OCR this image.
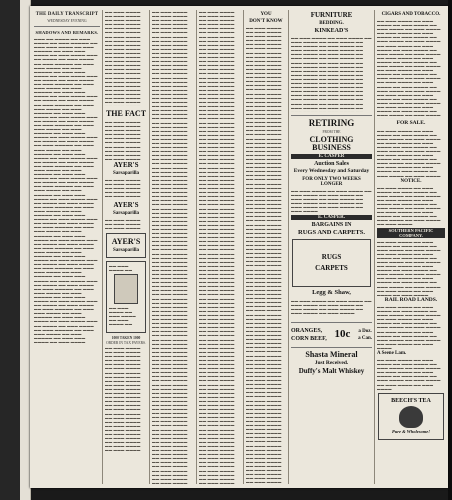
THE DAILY TRANSCRIPT
WEDNESDAY EVENING
SHADOWS AND REMARKS.
▬▬▬ ▬▬ ▬▬▬▬ ▬▬ ▬▬▬ ▬▬▬▬ ▬▬ ▬▬▬ ▬▬▬▬▬ ▬▬ ▬▬▬ ▬▬▬ ▬▬▬▬ ▬▬ ▬▬▬ ▬▬▬▬▬ ▬▬ ▬▬▬ ▬▬▬ ▬▬▬▬ ▬▬ ▬▬▬ ▬▬▬▬ ▬▬▬ ▬▬ ▬▬▬▬ ▬▬ ▬▬▬ ▬▬▬▬ ▬▬ ▬▬▬ ▬▬▬▬▬ ▬▬ ▬▬▬ ▬▬▬ ▬▬▬▬ ▬▬ ▬▬▬ ▬▬▬▬▬ ▬▬ ▬▬▬ ▬▬▬ ▬▬▬▬ ▬▬ ▬▬▬ ▬▬▬▬ ▬▬▬ ▬▬ ▬▬▬▬ ▬▬ ▬▬▬ ▬▬▬▬ ▬▬ ▬▬▬ ▬▬▬▬▬ ▬▬ ▬▬▬ ▬▬▬ ▬▬▬▬ ▬▬ ▬▬▬ ▬▬▬▬▬ ▬▬ ▬▬▬ ▬▬▬ ▬▬▬▬ ▬▬ ▬▬▬ ▬▬▬▬ ▬▬▬ ▬▬ ▬▬▬▬ ▬▬ ▬▬▬ ▬▬▬▬ ▬▬ ▬▬▬ ▬▬▬▬▬ ▬▬ ▬▬▬ ▬▬▬ ▬▬▬▬ ▬▬ ▬▬▬ ▬▬▬▬▬ ▬▬ ▬▬▬ ▬▬▬ ▬▬▬▬ ▬▬ ▬▬▬ ▬▬▬▬ ▬▬▬ ▬▬ ▬▬▬▬ ▬▬ ▬▬▬ ▬▬▬▬ ▬▬ ▬▬▬ ▬▬▬▬▬ ▬▬ ▬▬▬ ▬▬▬ ▬▬▬▬ ▬▬ ▬▬▬ ▬▬▬▬▬ ▬▬ ▬▬▬ ▬▬▬ ▬▬▬▬ ▬▬ ▬▬▬ ▬▬▬▬ ▬▬▬ ▬▬ ▬▬▬▬ ▬▬ ▬▬▬ ▬▬▬▬ ▬▬ ▬▬▬ ▬▬▬▬▬ ▬▬ ▬▬▬ ▬▬▬ ▬▬▬▬ ▬▬ ▬▬▬ ▬▬▬▬▬ ▬▬ ▬▬▬ ▬▬▬ ▬▬▬▬ ▬▬ ▬▬▬ ▬▬▬▬ ▬▬▬ ▬▬ ▬▬▬▬ ▬▬ ▬▬▬ ▬▬▬▬ ▬▬ ▬▬▬ ▬▬▬▬▬ ▬▬ ▬▬▬ ▬▬▬ ▬▬▬▬ ▬▬ ▬▬▬ ▬▬▬▬▬ ▬▬ ▬▬▬ ▬▬▬ ▬▬▬▬ ▬▬ ▬▬▬ ▬▬▬▬ ▬▬▬ ▬▬ ▬▬▬▬ ▬▬ ▬▬▬ ▬▬▬▬ ▬▬ ▬▬▬ ▬▬▬▬▬ ▬▬ ▬▬▬ ▬▬▬ ▬▬▬▬ ▬▬ ▬▬▬ ▬▬▬▬▬ ▬▬ ▬▬▬ ▬▬▬ ▬▬▬▬ ▬▬ ▬▬▬ ▬▬▬▬ ▬▬▬ ▬▬ ▬▬▬▬ ▬▬ ▬▬▬ ▬▬▬▬ ▬▬ ▬▬▬ ▬▬▬▬▬ ▬▬ ▬▬▬ ▬▬▬ ▬▬▬▬ ▬▬ ▬▬▬ ▬▬▬▬▬ ▬▬ ▬▬▬ ▬▬▬ ▬▬▬▬ ▬▬ ▬▬▬ ▬▬▬▬ ▬▬▬ ▬▬ ▬▬▬▬ ▬▬ ▬▬▬ ▬▬▬▬ ▬▬ ▬▬▬ ▬▬▬▬▬ ▬▬ ▬▬▬ ▬▬▬ ▬▬▬▬ ▬▬ ▬▬▬ ▬▬▬▬▬ ▬▬ ▬▬▬ ▬▬▬ ▬▬▬▬ ▬▬ ▬▬▬ ▬▬▬▬ ▬▬▬ ▬▬ ▬▬▬▬ ▬▬ ▬▬▬ ▬▬▬▬ ▬▬ ▬▬▬ ▬▬▬▬▬ ▬▬ ▬▬▬ ▬▬▬ ▬▬▬▬ ▬▬ ▬▬▬ ▬▬▬▬▬ ▬▬ ▬▬▬ ▬▬▬ ▬▬▬▬ ▬▬ ▬▬▬ ▬▬▬▬ ▬▬▬ ▬▬ ▬▬▬▬ ▬▬ ▬▬▬ ▬▬▬▬ ▬▬ ▬▬▬ ▬▬▬▬▬ ▬▬ ▬▬▬ ▬▬▬ ▬▬▬▬ ▬▬ ▬▬▬ ▬▬▬▬▬ ▬▬ ▬▬▬ ▬▬▬ ▬▬▬▬ ▬▬ ▬▬▬ ▬▬▬▬ ▬▬▬ ▬▬ ▬▬▬▬ ▬▬ ▬▬▬ ▬▬▬▬ ▬▬ ▬▬▬ ▬▬▬▬▬ ▬▬ ▬▬▬ ▬▬▬ ▬▬▬▬ ▬▬ ▬▬▬ ▬▬▬▬▬ ▬▬ ▬▬▬ ▬▬▬ ▬▬▬▬ ▬▬ ▬▬▬ ▬▬▬▬ ▬▬▬ ▬▬ ▬▬▬▬ ▬▬ ▬▬▬ ▬▬▬▬ ▬▬ ▬▬▬ ▬▬▬▬▬ ▬▬ ▬▬▬ ▬▬▬ ▬▬▬▬ ▬▬ ▬▬▬ ▬▬▬▬▬ ▬▬ ▬▬▬ ▬▬▬ ▬▬▬▬ ▬▬ ▬▬▬ ▬▬▬▬ ▬▬▬ ▬▬ ▬▬▬▬ ▬▬ ▬▬▬ ▬▬▬▬ ▬▬ ▬▬▬ ▬▬▬▬▬ ▬▬ ▬▬▬ ▬▬▬ ▬▬▬▬ ▬▬ ▬▬▬ ▬▬▬▬▬ ▬▬ ▬▬▬ ▬▬▬ ▬▬▬▬ ▬▬ ▬▬▬ ▬▬▬▬
▬▬ ▬▬▬ ▬▬▬▬ ▬▬ ▬▬▬ ▬▬▬▬ ▬▬ ▬▬▬ ▬▬▬▬ ▬▬ ▬▬▬ ▬▬▬▬ ▬▬ ▬▬▬ ▬▬▬▬ ▬▬ ▬▬▬ ▬▬▬▬ ▬▬ ▬▬▬ ▬▬▬▬ ▬▬ ▬▬▬ ▬▬▬▬ ▬▬ ▬▬▬ ▬▬▬▬ ▬▬ ▬▬▬ ▬▬▬▬ ▬▬ ▬▬▬ ▬▬▬▬ ▬▬ ▬▬▬ ▬▬▬▬ ▬▬ ▬▬▬ ▬▬▬▬ ▬▬ ▬▬▬ ▬▬▬▬ ▬▬ ▬▬▬ ▬▬▬▬ ▬▬ ▬▬▬ ▬▬▬▬ ▬▬ ▬▬▬ ▬▬▬▬ ▬▬ ▬▬▬ ▬▬▬▬ ▬▬ ▬▬▬ ▬▬▬▬ ▬▬ ▬▬▬ ▬▬▬▬ ▬▬ ▬▬▬ ▬▬▬▬ ▬▬ ▬▬▬ ▬▬▬▬ ▬▬ ▬▬▬ ▬▬▬▬
THE FACT
▬▬ ▬▬▬ ▬▬▬▬ ▬▬ ▬▬▬ ▬▬▬▬ ▬▬ ▬▬▬ ▬▬▬▬ ▬▬ ▬▬▬ ▬▬▬▬ ▬▬ ▬▬▬ ▬▬▬▬ ▬▬ ▬▬▬ ▬▬▬▬ ▬▬ ▬▬▬ ▬▬▬▬ ▬▬ ▬▬▬ ▬▬▬▬ ▬▬ ▬▬▬ ▬▬▬▬ ▬▬ ▬▬▬ ▬▬▬▬
AYER'S
Sarsaparilla
▬▬ ▬▬▬ ▬▬▬▬ ▬▬ ▬▬▬ ▬▬▬▬ ▬▬ ▬▬▬ ▬▬▬▬ ▬▬ ▬▬▬ ▬▬▬▬ ▬▬ ▬▬▬ ▬▬▬▬
AYER'S
Sarsaparilla
▬▬ ▬▬▬ ▬▬▬▬ ▬▬ ▬▬▬ ▬▬▬▬ ▬▬ ▬▬▬ ▬▬▬▬
AYER'S
Sarsaparilla
▬▬ ▬▬▬ ▬▬▬▬ ▬▬
▬▬ ▬▬▬ ▬▬▬▬ ▬▬ ▬▬▬ ▬▬▬▬ ▬▬ ▬▬▬ ▬▬▬▬ ▬▬
1000 TAKEN 1000
ORDER IN TAX PAYERS.
▬▬ ▬▬▬ ▬▬▬▬ ▬▬ ▬▬▬ ▬▬▬▬ ▬▬ ▬▬▬ ▬▬▬▬ ▬▬ ▬▬▬ ▬▬▬▬ ▬▬ ▬▬▬ ▬▬▬▬ ▬▬ ▬▬▬ ▬▬▬▬ ▬▬ ▬▬▬ ▬▬▬▬ ▬▬ ▬▬▬ ▬▬▬▬ ▬▬ ▬▬▬ ▬▬▬▬ ▬▬ ▬▬▬ ▬▬▬▬ ▬▬ ▬▬▬ ▬▬▬▬ ▬▬ ▬▬▬ ▬▬▬▬ ▬▬ ▬▬▬ ▬▬▬▬ ▬▬ ▬▬▬ ▬▬▬▬ ▬▬ ▬▬▬ ▬▬▬▬ ▬▬ ▬▬▬ ▬▬▬▬ ▬▬ ▬▬▬ ▬▬▬▬ ▬▬ ▬▬▬ ▬▬▬▬ ▬▬ ▬▬▬ ▬▬▬▬ ▬▬ ▬▬▬ ▬▬▬▬ ▬▬ ▬▬▬ ▬▬▬▬ ▬▬ ▬▬▬ ▬▬▬▬ ▬▬ ▬▬▬ ▬▬▬▬ ▬▬ ▬▬▬ ▬▬▬▬ ▬▬ ▬▬▬ ▬▬▬▬ ▬▬ ▬▬▬ ▬▬▬▬
▬▬ ▬▬▬ ▬▬▬▬ ▬▬ ▬▬▬ ▬▬▬▬ ▬▬ ▬▬▬ ▬▬▬▬ ▬▬ ▬▬▬ ▬▬▬▬ ▬▬ ▬▬▬ ▬▬▬▬ ▬▬ ▬▬▬ ▬▬▬▬ ▬▬ ▬▬▬ ▬▬▬▬ ▬▬ ▬▬▬ ▬▬▬▬ ▬▬ ▬▬▬ ▬▬▬▬ ▬▬ ▬▬▬ ▬▬▬▬ ▬▬ ▬▬▬ ▬▬▬▬ ▬▬ ▬▬▬ ▬▬▬▬ ▬▬ ▬▬▬ ▬▬▬▬ ▬▬ ▬▬▬ ▬▬▬▬ ▬▬ ▬▬▬ ▬▬▬▬ ▬▬ ▬▬▬ ▬▬▬▬ ▬▬ ▬▬▬ ▬▬▬▬ ▬▬ ▬▬▬ ▬▬▬▬ ▬▬ ▬▬▬ ▬▬▬▬ ▬▬ ▬▬▬ ▬▬▬▬ ▬▬ ▬▬▬ ▬▬▬▬ ▬▬ ▬▬▬ ▬▬▬▬ ▬▬ ▬▬▬ ▬▬▬▬ ▬▬ ▬▬▬ ▬▬▬▬ ▬▬ ▬▬▬ ▬▬▬▬ ▬▬ ▬▬▬ ▬▬▬▬ ▬▬ ▬▬▬ ▬▬▬▬ ▬▬ ▬▬▬ ▬▬▬▬ ▬▬ ▬▬▬ ▬▬▬▬ ▬▬ ▬▬▬ ▬▬▬▬ ▬▬ ▬▬▬ ▬▬▬▬ ▬▬ ▬▬▬ ▬▬▬▬ ▬▬ ▬▬▬ ▬▬▬▬ ▬▬ ▬▬▬ ▬▬▬▬ ▬▬ ▬▬▬ ▬▬▬▬ ▬▬ ▬▬▬ ▬▬▬▬ ▬▬ ▬▬▬ ▬▬▬▬ ▬▬ ▬▬▬ ▬▬▬▬ ▬▬ ▬▬▬ ▬▬▬▬ ▬▬ ▬▬▬ ▬▬▬▬ ▬▬ ▬▬▬ ▬▬▬▬ ▬▬ ▬▬▬ ▬▬▬▬ ▬▬ ▬▬▬ ▬▬▬▬ ▬▬ ▬▬▬ ▬▬▬▬ ▬▬ ▬▬▬ ▬▬▬▬ ▬▬ ▬▬▬ ▬▬▬▬ ▬▬ ▬▬▬ ▬▬▬▬ ▬▬ ▬▬▬ ▬▬▬▬ ▬▬ ▬▬▬ ▬▬▬▬ ▬▬ ▬▬▬ ▬▬▬▬ ▬▬ ▬▬▬ ▬▬▬▬ ▬▬ ▬▬▬ ▬▬▬▬ ▬▬ ▬▬▬ ▬▬▬▬ ▬▬ ▬▬▬ ▬▬▬▬ ▬▬ ▬▬▬ ▬▬▬▬ ▬▬ ▬▬▬ ▬▬▬▬ ▬▬ ▬▬▬ ▬▬▬▬ ▬▬ ▬▬▬ ▬▬▬▬ ▬▬ ▬▬▬ ▬▬▬▬ ▬▬ ▬▬▬ ▬▬▬▬ ▬▬ ▬▬▬ ▬▬▬▬ ▬▬ ▬▬▬ ▬▬▬▬ ▬▬ ▬▬▬ ▬▬▬▬ ▬▬ ▬▬▬ ▬▬▬▬ ▬▬ ▬▬▬ ▬▬▬▬ ▬▬ ▬▬▬ ▬▬▬▬ ▬▬ ▬▬▬ ▬▬▬▬ ▬▬ ▬▬▬ ▬▬▬▬ ▬▬ ▬▬▬ ▬▬▬▬ ▬▬ ▬▬▬ ▬▬▬▬ ▬▬ ▬▬▬ ▬▬▬▬ ▬▬ ▬▬▬ ▬▬▬▬ ▬▬ ▬▬▬ ▬▬▬▬ ▬▬ ▬▬▬ ▬▬▬▬ ▬▬ ▬▬▬ ▬▬▬▬ ▬▬ ▬▬▬ ▬▬▬▬ ▬▬ ▬▬▬ ▬▬▬▬ ▬▬ ▬▬▬ ▬▬▬▬ ▬▬ ▬▬▬ ▬▬▬▬ ▬▬ ▬▬▬ ▬▬▬▬ ▬▬ ▬▬▬ ▬▬▬▬ ▬▬ ▬▬▬ ▬▬▬▬ ▬▬ ▬▬▬ ▬▬▬▬ ▬▬ ▬▬▬ ▬▬▬▬ ▬▬ ▬▬▬ ▬▬▬▬ ▬▬ ▬▬▬ ▬▬▬▬ ▬▬ ▬▬▬ ▬▬▬▬ ▬▬ ▬▬▬ ▬▬▬▬ ▬▬ ▬▬▬ ▬▬▬▬ ▬▬ ▬▬▬ ▬▬▬▬ ▬▬ ▬▬▬ ▬▬▬▬ ▬▬ ▬▬▬ ▬▬▬▬ ▬▬ ▬▬▬ ▬▬▬▬ ▬▬ ▬▬▬ ▬▬▬▬ ▬▬ ▬▬▬ ▬▬▬▬ ▬▬ ▬▬▬ ▬▬▬▬ ▬▬ ▬▬▬ ▬▬▬▬ ▬▬ ▬▬▬ ▬▬▬▬ ▬▬ ▬▬▬ ▬▬▬▬ ▬▬ ▬▬▬ ▬▬▬▬ ▬▬ ▬▬▬ ▬▬▬▬ ▬▬ ▬▬▬ ▬▬▬▬ ▬▬ ▬▬▬ ▬▬▬▬ ▬▬ ▬▬▬ ▬▬▬▬ ▬▬ ▬▬▬ ▬▬▬▬ ▬▬ ▬▬▬ ▬▬▬▬ ▬▬ ▬▬▬ ▬▬▬▬ ▬▬ ▬▬▬ ▬▬▬▬ ▬▬ ▬▬▬ ▬▬▬▬ ▬▬ ▬▬▬ ▬▬▬▬ ▬▬ ▬▬▬ ▬▬▬▬ ▬▬ ▬▬▬ ▬▬▬▬ ▬▬ ▬▬▬ ▬▬▬▬ ▬▬ ▬▬▬ ▬▬▬▬ ▬▬ ▬▬▬ ▬▬▬▬ ▬▬ ▬▬▬ ▬▬▬▬
▬▬ ▬▬▬ ▬▬▬▬ ▬▬ ▬▬▬ ▬▬▬▬ ▬▬ ▬▬▬ ▬▬▬▬ ▬▬ ▬▬▬ ▬▬▬▬ ▬▬ ▬▬▬ ▬▬▬▬ ▬▬ ▬▬▬ ▬▬▬▬ ▬▬ ▬▬▬ ▬▬▬▬ ▬▬ ▬▬▬ ▬▬▬▬ ▬▬ ▬▬▬ ▬▬▬▬ ▬▬ ▬▬▬ ▬▬▬▬ ▬▬ ▬▬▬ ▬▬▬▬ ▬▬ ▬▬▬ ▬▬▬▬ ▬▬ ▬▬▬ ▬▬▬▬ ▬▬ ▬▬▬ ▬▬▬▬ ▬▬ ▬▬▬ ▬▬▬▬ ▬▬ ▬▬▬ ▬▬▬▬ ▬▬ ▬▬▬ ▬▬▬▬ ▬▬ ▬▬▬ ▬▬▬▬ ▬▬ ▬▬▬ ▬▬▬▬ ▬▬ ▬▬▬ ▬▬▬▬ ▬▬ ▬▬▬ ▬▬▬▬ ▬▬ ▬▬▬ ▬▬▬▬ ▬▬ ▬▬▬ ▬▬▬▬ ▬▬ ▬▬▬ ▬▬▬▬ ▬▬ ▬▬▬ ▬▬▬▬ ▬▬ ▬▬▬ ▬▬▬▬ ▬▬ ▬▬▬ ▬▬▬▬ ▬▬ ▬▬▬ ▬▬▬▬ ▬▬ ▬▬▬ ▬▬▬▬ ▬▬ ▬▬▬ ▬▬▬▬ ▬▬ ▬▬▬ ▬▬▬▬ ▬▬ ▬▬▬ ▬▬▬▬ ▬▬ ▬▬▬ ▬▬▬▬ ▬▬ ▬▬▬ ▬▬▬▬ ▬▬ ▬▬▬ ▬▬▬▬ ▬▬ ▬▬▬ ▬▬▬▬ ▬▬ ▬▬▬ ▬▬▬▬ ▬▬ ▬▬▬ ▬▬▬▬ ▬▬ ▬▬▬ ▬▬▬▬ ▬▬ ▬▬▬ ▬▬▬▬ ▬▬ ▬▬▬ ▬▬▬▬ ▬▬ ▬▬▬ ▬▬▬▬ ▬▬ ▬▬▬ ▬▬▬▬ ▬▬ ▬▬▬ ▬▬▬▬ ▬▬ ▬▬▬ ▬▬▬▬ ▬▬ ▬▬▬ ▬▬▬▬ ▬▬ ▬▬▬ ▬▬▬▬ ▬▬ ▬▬▬ ▬▬▬▬ ▬▬ ▬▬▬ ▬▬▬▬ ▬▬ ▬▬▬ ▬▬▬▬ ▬▬ ▬▬▬ ▬▬▬▬ ▬▬ ▬▬▬ ▬▬▬▬ ▬▬ ▬▬▬ ▬▬▬▬ ▬▬ ▬▬▬ ▬▬▬▬ ▬▬ ▬▬▬ ▬▬▬▬ ▬▬ ▬▬▬ ▬▬▬▬ ▬▬ ▬▬▬ ▬▬▬▬ ▬▬ ▬▬▬ ▬▬▬▬ ▬▬ ▬▬▬ ▬▬▬▬ ▬▬ ▬▬▬ ▬▬▬▬ ▬▬ ▬▬▬ ▬▬▬▬ ▬▬ ▬▬▬ ▬▬▬▬ ▬▬ ▬▬▬ ▬▬▬▬ ▬▬ ▬▬▬ ▬▬▬▬ ▬▬ ▬▬▬ ▬▬▬▬ ▬▬ ▬▬▬ ▬▬▬▬ ▬▬ ▬▬▬ ▬▬▬▬ ▬▬ ▬▬▬ ▬▬▬▬ ▬▬ ▬▬▬ ▬▬▬▬ ▬▬ ▬▬▬ ▬▬▬▬ ▬▬ ▬▬▬ ▬▬▬▬ ▬▬ ▬▬▬ ▬▬▬▬ ▬▬ ▬▬▬ ▬▬▬▬ ▬▬ ▬▬▬ ▬▬▬▬ ▬▬ ▬▬▬ ▬▬▬▬ ▬▬ ▬▬▬ ▬▬▬▬ ▬▬ ▬▬▬ ▬▬▬▬ ▬▬ ▬▬▬ ▬▬▬▬ ▬▬ ▬▬▬ ▬▬▬▬ ▬▬ ▬▬▬ ▬▬▬▬ ▬▬ ▬▬▬ ▬▬▬▬ ▬▬ ▬▬▬ ▬▬▬▬ ▬▬ ▬▬▬ ▬▬▬▬ ▬▬ ▬▬▬ ▬▬▬▬ ▬▬ ▬▬▬ ▬▬▬▬ ▬▬ ▬▬▬ ▬▬▬▬ ▬▬ ▬▬▬ ▬▬▬▬ ▬▬ ▬▬▬ ▬▬▬▬ ▬▬ ▬▬▬ ▬▬▬▬ ▬▬ ▬▬▬ ▬▬▬▬ ▬▬ ▬▬▬ ▬▬▬▬ ▬▬ ▬▬▬ ▬▬▬▬ ▬▬ ▬▬▬ ▬▬▬▬ ▬▬ ▬▬▬ ▬▬▬▬ ▬▬ ▬▬▬ ▬▬▬▬ ▬▬ ▬▬▬ ▬▬▬▬ ▬▬ ▬▬▬ ▬▬▬▬ ▬▬ ▬▬▬ ▬▬▬▬ ▬▬ ▬▬▬ ▬▬▬▬ ▬▬ ▬▬▬ ▬▬▬▬ ▬▬ ▬▬▬ ▬▬▬▬ ▬▬ ▬▬▬ ▬▬▬▬ ▬▬ ▬▬▬ ▬▬▬▬ ▬▬ ▬▬▬ ▬▬▬▬ ▬▬ ▬▬▬ ▬▬▬▬ ▬▬ ▬▬▬ ▬▬▬▬ ▬▬ ▬▬▬ ▬▬▬▬ ▬▬ ▬▬▬ ▬▬▬▬ ▬▬ ▬▬▬ ▬▬▬▬ ▬▬ ▬▬▬ ▬▬▬▬ ▬▬ ▬▬▬ ▬▬▬▬ ▬▬ ▬▬▬ ▬▬▬▬ ▬▬ ▬▬▬ ▬▬▬▬ ▬▬ ▬▬▬ ▬▬▬▬ ▬▬ ▬▬▬ ▬▬▬▬ ▬▬ ▬▬▬ ▬▬▬▬
YOU
DON'T KNOW
▬▬ ▬▬▬ ▬▬▬▬ ▬▬ ▬▬▬ ▬▬▬▬ ▬▬ ▬▬▬ ▬▬▬▬ ▬▬ ▬▬▬ ▬▬▬▬ ▬▬ ▬▬▬ ▬▬▬▬ ▬▬ ▬▬▬ ▬▬▬▬ ▬▬ ▬▬▬ ▬▬▬▬ ▬▬ ▬▬▬ ▬▬▬▬ ▬▬ ▬▬▬ ▬▬▬▬ ▬▬ ▬▬▬ ▬▬▬▬ ▬▬ ▬▬▬ ▬▬▬▬ ▬▬ ▬▬▬ ▬▬▬▬ ▬▬ ▬▬▬ ▬▬▬▬ ▬▬ ▬▬▬ ▬▬▬▬ ▬▬ ▬▬▬ ▬▬▬▬ ▬▬ ▬▬▬ ▬▬▬▬ ▬▬ ▬▬▬ ▬▬▬▬ ▬▬ ▬▬▬ ▬▬▬▬ ▬▬ ▬▬▬ ▬▬▬▬ ▬▬ ▬▬▬ ▬▬▬▬ ▬▬ ▬▬▬ ▬▬▬▬ ▬▬ ▬▬▬ ▬▬▬▬ ▬▬ ▬▬▬ ▬▬▬▬ ▬▬ ▬▬▬ ▬▬▬▬ ▬▬ ▬▬▬ ▬▬▬▬ ▬▬ ▬▬▬ ▬▬▬▬ ▬▬ ▬▬▬ ▬▬▬▬ ▬▬ ▬▬▬ ▬▬▬▬ ▬▬ ▬▬▬ ▬▬▬▬ ▬▬ ▬▬▬ ▬▬▬▬ ▬▬ ▬▬▬ ▬▬▬▬ ▬▬ ▬▬▬ ▬▬▬▬ ▬▬ ▬▬▬ ▬▬▬▬ ▬▬ ▬▬▬ ▬▬▬▬ ▬▬ ▬▬▬ ▬▬▬▬ ▬▬ ▬▬▬ ▬▬▬▬ ▬▬ ▬▬▬ ▬▬▬▬ ▬▬ ▬▬▬ ▬▬▬▬ ▬▬ ▬▬▬ ▬▬▬▬ ▬▬ ▬▬▬ ▬▬▬▬ ▬▬ ▬▬▬ ▬▬▬▬ ▬▬ ▬▬▬ ▬▬▬▬ ▬▬ ▬▬▬ ▬▬▬▬ ▬▬ ▬▬▬ ▬▬▬▬ ▬▬ ▬▬▬ ▬▬▬▬ ▬▬ ▬▬▬ ▬▬▬▬ ▬▬ ▬▬▬ ▬▬▬▬ ▬▬ ▬▬▬ ▬▬▬▬ ▬▬ ▬▬▬ ▬▬▬▬ ▬▬ ▬▬▬ ▬▬▬▬ ▬▬ ▬▬▬ ▬▬▬▬ ▬▬ ▬▬▬ ▬▬▬▬ ▬▬ ▬▬▬ ▬▬▬▬ ▬▬ ▬▬▬ ▬▬▬▬ ▬▬ ▬▬▬ ▬▬▬▬ ▬▬ ▬▬▬ ▬▬▬▬ ▬▬ ▬▬▬ ▬▬▬▬ ▬▬ ▬▬▬ ▬▬▬▬ ▬▬ ▬▬▬ ▬▬▬▬ ▬▬ ▬▬▬ ▬▬▬▬ ▬▬ ▬▬▬ ▬▬▬▬ ▬▬ ▬▬▬ ▬▬▬▬ ▬▬ ▬▬▬ ▬▬▬▬ ▬▬ ▬▬▬ ▬▬▬▬ ▬▬ ▬▬▬ ▬▬▬▬ ▬▬ ▬▬▬ ▬▬▬▬ ▬▬ ▬▬▬ ▬▬▬▬ ▬▬ ▬▬▬ ▬▬▬▬ ▬▬ ▬▬▬ ▬▬▬▬ ▬▬ ▬▬▬ ▬▬▬▬ ▬▬ ▬▬▬ ▬▬▬▬ ▬▬ ▬▬▬ ▬▬▬▬ ▬▬ ▬▬▬ ▬▬▬▬ ▬▬ ▬▬▬ ▬▬▬▬ ▬▬ ▬▬▬ ▬▬▬▬ ▬▬ ▬▬▬ ▬▬▬▬ ▬▬ ▬▬▬ ▬▬▬▬ ▬▬ ▬▬▬ ▬▬▬▬ ▬▬ ▬▬▬ ▬▬▬▬ ▬▬ ▬▬▬ ▬▬▬▬ ▬▬ ▬▬▬ ▬▬▬▬ ▬▬ ▬▬▬ ▬▬▬▬ ▬▬ ▬▬▬ ▬▬▬▬ ▬▬ ▬▬▬ ▬▬▬▬ ▬▬ ▬▬▬ ▬▬▬▬ ▬▬ ▬▬▬ ▬▬▬▬ ▬▬ ▬▬▬ ▬▬▬▬ ▬▬ ▬▬▬ ▬▬▬▬ ▬▬ ▬▬▬ ▬▬▬▬ ▬▬ ▬▬▬ ▬▬▬▬ ▬▬ ▬▬▬ ▬▬▬▬ ▬▬ ▬▬▬ ▬▬▬▬ ▬▬ ▬▬▬ ▬▬▬▬ ▬▬ ▬▬▬ ▬▬▬▬ ▬▬ ▬▬▬ ▬▬▬▬ ▬▬ ▬▬▬ ▬▬▬▬ ▬▬ ▬▬▬ ▬▬▬▬ ▬▬ ▬▬▬ ▬▬▬▬ ▬▬ ▬▬▬ ▬▬▬▬ ▬▬ ▬▬▬ ▬▬▬▬ ▬▬ ▬▬▬ ▬▬▬▬ ▬▬ ▬▬▬ ▬▬▬▬ ▬▬ ▬▬▬ ▬▬▬▬ ▬▬ ▬▬▬ ▬▬▬▬ ▬▬ ▬▬▬ ▬▬▬▬ ▬▬ ▬▬▬ ▬▬▬▬ ▬▬ ▬▬▬ ▬▬▬▬ ▬▬ ▬▬▬ ▬▬▬▬ ▬▬ ▬▬▬ ▬▬▬▬ ▬▬ ▬▬▬ ▬▬▬▬ ▬▬ ▬▬▬ ▬▬▬▬ ▬▬ ▬▬▬ ▬▬▬▬
FURNITURE
BEDDING.
KINKEAD'S
▬▬ ▬▬▬ ▬▬▬▬ ▬▬ ▬▬▬ ▬▬▬▬ ▬▬ ▬▬▬ ▬▬▬▬ ▬▬ ▬▬▬ ▬▬▬▬ ▬▬ ▬▬▬ ▬▬▬▬ ▬▬ ▬▬▬ ▬▬▬▬ ▬▬ ▬▬▬ ▬▬▬▬ ▬▬ ▬▬▬ ▬▬▬▬ ▬▬ ▬▬▬ ▬▬▬▬ ▬▬ ▬▬▬ ▬▬▬▬ ▬▬ ▬▬▬ ▬▬▬▬ ▬▬ ▬▬▬ ▬▬▬▬ ▬▬ ▬▬▬ ▬▬▬▬ ▬▬ ▬▬▬ ▬▬▬▬ ▬▬ ▬▬▬ ▬▬▬▬ ▬▬ ▬▬▬ ▬▬▬▬ ▬▬ ▬▬▬ ▬▬▬▬ ▬▬ ▬▬▬ ▬▬▬▬ ▬▬ ▬▬▬ ▬▬▬▬ ▬▬ ▬▬▬ ▬▬▬▬ ▬▬ ▬▬▬ ▬▬▬▬ ▬▬ ▬▬▬ ▬▬▬▬ ▬▬ ▬▬▬ ▬▬▬▬ ▬▬ ▬▬▬ ▬▬▬▬ ▬▬ ▬▬▬ ▬▬▬▬ ▬▬ ▬▬▬ ▬▬▬▬ ▬▬ ▬▬▬ ▬▬▬▬ ▬▬ ▬▬▬ ▬▬▬▬ ▬▬ ▬▬▬ ▬▬▬▬ ▬▬ ▬▬▬ ▬▬▬▬ ▬▬ ▬▬▬ ▬▬▬▬ ▬▬ ▬▬▬ ▬▬▬▬ ▬▬ ▬▬▬ ▬▬▬▬ ▬▬ ▬▬▬ ▬▬▬▬ ▬▬ ▬▬▬ ▬▬▬▬ ▬▬ ▬▬▬ ▬▬▬▬ ▬▬ ▬▬▬ ▬▬▬▬ ▬▬ ▬▬▬ ▬▬▬▬ ▬▬
RETIRING
FROM THE
CLOTHING BUSINESS
E. CASPER
Auction Sales
Every Wednesday and Saturday
FOR ONLY TWO WEEKS LONGER
▬▬ ▬▬▬ ▬▬▬▬ ▬▬ ▬▬▬ ▬▬▬▬ ▬▬ ▬▬▬ ▬▬▬▬ ▬▬ ▬▬▬ ▬▬▬▬ ▬▬ ▬▬▬ ▬▬▬▬ ▬▬ ▬▬▬ ▬▬▬▬ ▬▬ ▬▬▬ ▬▬▬▬ ▬▬ ▬▬▬ ▬▬▬▬ ▬▬ ▬▬▬ ▬▬▬▬ ▬▬ ▬▬▬ ▬▬▬▬ ▬▬ ▬▬▬ ▬▬▬▬
E. CASPER.
BARGAINS IN
RUGS AND CARPETS.
RUGS
CARPETS
Legg & Shaw,
▬▬ ▬▬▬ ▬▬▬▬ ▬▬ ▬▬▬ ▬▬▬▬ ▬▬ ▬▬▬ ▬▬▬▬ ▬▬ ▬▬▬ ▬▬▬▬ ▬▬ ▬▬▬ ▬▬▬▬ ▬▬ ▬▬▬ ▬▬▬▬ ▬▬ ▬▬▬ ▬▬▬▬ ▬▬ ▬▬▬ ▬▬▬▬
ORANGES,
CORN BEEF, 10c a Doz.
a Can.
Shasta Mineral
Just Received.
Duffy's Malt Whiskey
CIGARS AND TOBACCO.
▬▬ ▬▬▬ ▬▬▬▬ ▬▬ ▬▬▬ ▬▬▬▬ ▬▬ ▬▬▬ ▬▬▬▬ ▬▬ ▬▬▬ ▬▬▬▬ ▬▬ ▬▬▬ ▬▬▬▬ ▬▬ ▬▬▬ ▬▬▬▬ ▬▬ ▬▬▬ ▬▬▬▬ ▬▬ ▬▬▬ ▬▬▬▬ ▬▬ ▬▬▬ ▬▬▬▬ ▬▬ ▬▬▬ ▬▬▬▬ ▬▬ ▬▬▬ ▬▬▬▬ ▬▬ ▬▬▬ ▬▬▬▬ ▬▬ ▬▬▬ ▬▬▬▬ ▬▬ ▬▬▬ ▬▬▬▬ ▬▬ ▬▬▬ ▬▬▬▬ ▬▬ ▬▬▬ ▬▬▬▬ ▬▬ ▬▬▬ ▬▬▬▬ ▬▬ ▬▬▬ ▬▬▬▬ ▬▬ ▬▬▬ ▬▬▬▬ ▬▬ ▬▬▬ ▬▬▬▬ ▬▬ ▬▬▬ ▬▬▬▬ ▬▬ ▬▬▬ ▬▬▬▬ ▬▬ ▬▬▬ ▬▬▬▬ ▬▬ ▬▬▬ ▬▬▬▬ ▬▬ ▬▬▬ ▬▬▬▬ ▬▬ ▬▬▬ ▬▬▬▬ ▬▬ ▬▬▬ ▬▬▬▬ ▬▬ ▬▬▬ ▬▬▬▬ ▬▬ ▬▬▬ ▬▬▬▬ ▬▬ ▬▬▬ ▬▬▬▬ ▬▬ ▬▬▬ ▬▬▬▬ ▬▬ ▬▬▬ ▬▬▬▬ ▬▬ ▬▬▬ ▬▬▬▬ ▬▬ ▬▬▬ ▬▬▬▬ ▬▬ ▬▬▬ ▬▬▬▬ ▬▬ ▬▬▬ ▬▬▬▬ ▬▬ ▬▬▬ ▬▬▬▬ ▬▬ ▬▬▬ ▬▬▬▬ ▬▬ ▬▬▬ ▬▬▬▬ ▬▬ ▬▬▬ ▬▬▬▬
FOR SALE.
▬▬ ▬▬▬ ▬▬▬▬ ▬▬ ▬▬▬ ▬▬▬▬ ▬▬ ▬▬▬ ▬▬▬▬ ▬▬ ▬▬▬ ▬▬▬▬ ▬▬ ▬▬▬ ▬▬▬▬ ▬▬ ▬▬▬ ▬▬▬▬ ▬▬ ▬▬▬ ▬▬▬▬ ▬▬ ▬▬▬ ▬▬▬▬ ▬▬ ▬▬▬ ▬▬▬▬ ▬▬ ▬▬▬ ▬▬▬▬ ▬▬ ▬▬▬ ▬▬▬▬ ▬▬ ▬▬▬ ▬▬▬▬ ▬▬ ▬▬▬ ▬▬▬▬ ▬▬ ▬▬▬ ▬▬▬▬ ▬▬ ▬▬▬ ▬▬▬▬ ▬▬ ▬▬▬ ▬▬▬▬ ▬▬ ▬▬▬ ▬▬▬▬ ▬▬ ▬▬▬ ▬▬▬▬ ▬▬ ▬▬▬ ▬▬▬▬ ▬▬ ▬▬▬ ▬▬▬▬
NOTICE.
▬▬ ▬▬▬ ▬▬▬▬ ▬▬ ▬▬▬ ▬▬▬▬ ▬▬ ▬▬▬ ▬▬▬▬ ▬▬ ▬▬▬ ▬▬▬▬ ▬▬ ▬▬▬ ▬▬▬▬ ▬▬ ▬▬▬ ▬▬▬▬ ▬▬ ▬▬▬ ▬▬▬▬ ▬▬ ▬▬▬ ▬▬▬▬ ▬▬ ▬▬▬ ▬▬▬▬ ▬▬ ▬▬▬ ▬▬▬▬ ▬▬ ▬▬▬ ▬▬▬▬ ▬▬ ▬▬▬ ▬▬▬▬ ▬▬ ▬▬▬ ▬▬▬▬ ▬▬ ▬▬▬ ▬▬▬▬ ▬▬ ▬▬▬ ▬▬▬▬ ▬▬ ▬▬▬ ▬▬▬▬
SOUTHERN PACIFIC COMPANY.
▬▬ ▬▬▬ ▬▬▬▬ ▬▬ ▬▬▬ ▬▬▬▬ ▬▬ ▬▬▬ ▬▬▬▬ ▬▬ ▬▬▬ ▬▬▬▬ ▬▬ ▬▬▬ ▬▬▬▬ ▬▬ ▬▬▬ ▬▬▬▬ ▬▬ ▬▬▬ ▬▬▬▬ ▬▬ ▬▬▬ ▬▬▬▬ ▬▬ ▬▬▬ ▬▬▬▬ ▬▬ ▬▬▬ ▬▬▬▬ ▬▬ ▬▬▬ ▬▬▬▬ ▬▬ ▬▬▬ ▬▬▬▬ ▬▬ ▬▬▬ ▬▬▬▬ ▬▬ ▬▬▬ ▬▬▬▬ ▬▬ ▬▬▬ ▬▬▬▬ ▬▬ ▬▬▬ ▬▬▬▬ ▬▬ ▬▬▬ ▬▬▬▬ ▬▬ ▬▬▬ ▬▬▬▬ ▬▬ ▬▬▬ ▬▬▬▬ ▬▬ ▬▬▬ ▬▬▬▬ ▬▬ ▬▬▬ ▬▬▬▬ ▬▬ ▬▬▬ ▬▬▬▬ ▬▬ ▬▬▬ ▬▬▬▬
RAIL ROAD LANDS.
▬▬ ▬▬▬ ▬▬▬▬ ▬▬ ▬▬▬ ▬▬▬▬ ▬▬ ▬▬▬ ▬▬▬▬ ▬▬ ▬▬▬ ▬▬▬▬ ▬▬ ▬▬▬ ▬▬▬▬ ▬▬ ▬▬▬ ▬▬▬▬ ▬▬ ▬▬▬ ▬▬▬▬ ▬▬ ▬▬▬ ▬▬▬▬ ▬▬ ▬▬▬ ▬▬▬▬ ▬▬ ▬▬▬ ▬▬▬▬ ▬▬ ▬▬▬ ▬▬▬▬ ▬▬ ▬▬▬ ▬▬▬▬ ▬▬ ▬▬▬ ▬▬▬▬ ▬▬ ▬▬▬ ▬▬▬▬ ▬▬ ▬▬▬ ▬▬▬▬ ▬▬ ▬▬▬ ▬▬▬▬ ▬▬ ▬▬▬ ▬▬▬▬
A Seene Lam.
▬▬ ▬▬▬ ▬▬▬▬ ▬▬ ▬▬▬ ▬▬▬▬ ▬▬ ▬▬▬ ▬▬▬▬ ▬▬ ▬▬▬ ▬▬▬▬ ▬▬ ▬▬▬ ▬▬▬▬ ▬▬ ▬▬▬ ▬▬▬▬ ▬▬ ▬▬▬ ▬▬▬▬ ▬▬ ▬▬▬ ▬▬▬▬ ▬▬ ▬▬▬ ▬▬▬▬ ▬▬ ▬▬▬ ▬▬▬▬ ▬▬ ▬▬▬ ▬▬▬▬ ▬▬ ▬▬▬ ▬▬▬▬
BEECH'S TEA
Pure & Wholesome!
